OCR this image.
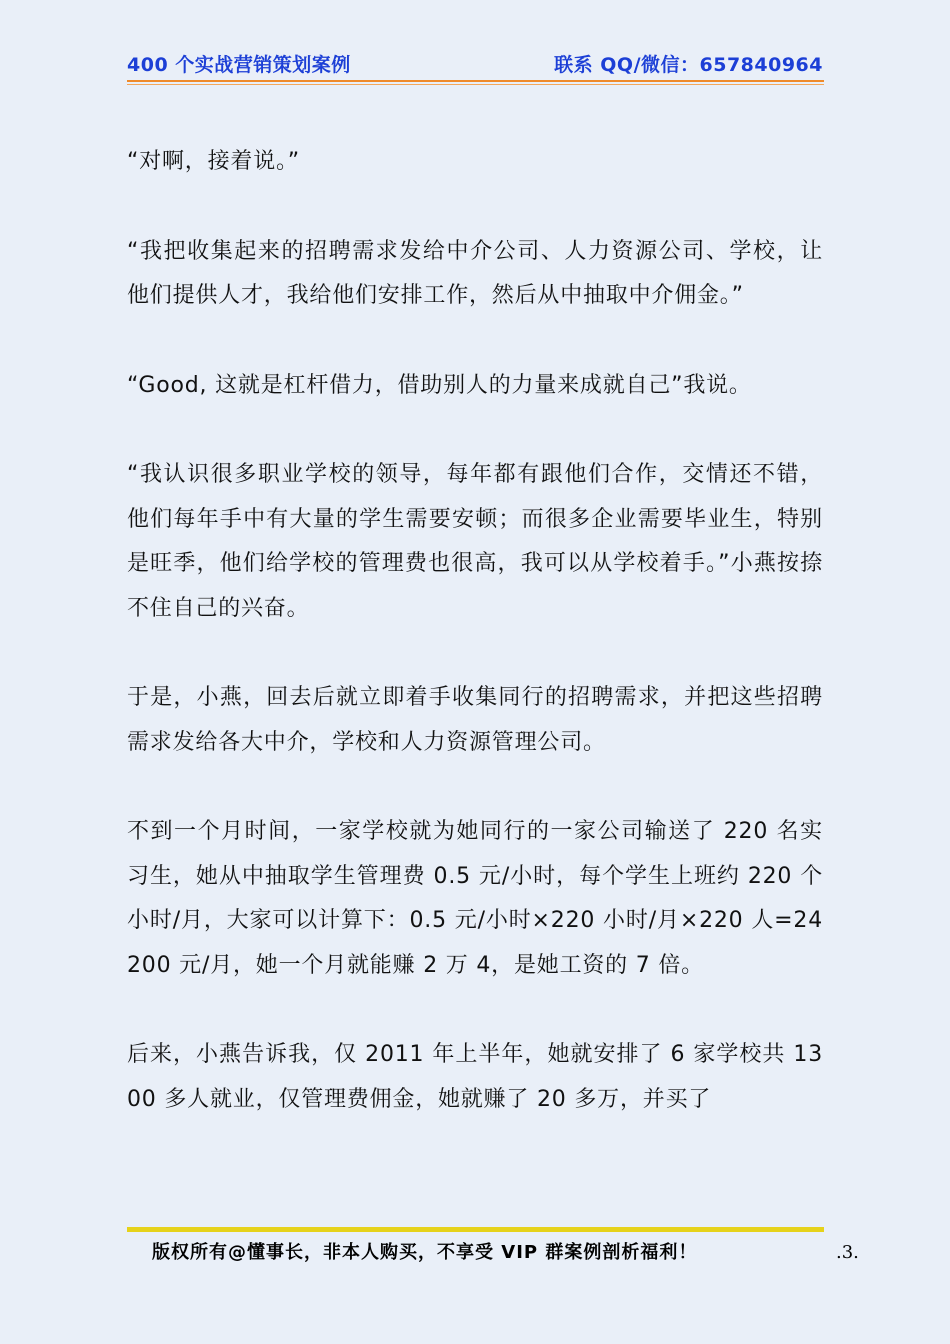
400 个实战营销策划案例	联系 QQ/微信：657840964

“对啊，接着说。”

“我把收集起来的招聘需求发给中介公司、人力资源公司、学校，让他们提供人才，我给他们安排工作，然后从中抽取中介佣金。”

“Good, 这就是杠杆借力，借助别人的力量来成就自己”我说。

“我认识很多职业学校的领导，每年都有跟他们合作，交情还不错，他们每年手中有大量的学生需要安顿；而很多企业需要毕业生，特别是旺季，他们给学校的管理费也很高，我可以从学校着手。”小燕按捺不住自己的兴奋。

于是，小燕，回去后就立即着手收集同行的招聘需求，并把这些招聘需求发给各大中介，学校和人力资源管理公司。

不到一个月时间，一家学校就为她同行的一家公司输送了 220 名实习生，她从中抽取学生管理费 0.5 元/小时，每个学生上班约 220 个小时/月，大家可以计算下：0.5 元/小时×220 小时/月×220 人=24200 元/月，她一个月就能赚 2 万 4，是她工资的 7 倍。

后来，小燕告诉我，仅 2011 年上半年，她就安排了 6 家学校共 1300 多人就业，仅管理费佣金，她就赚了 20 多万，并买了

版权所有@懂事长，非本人购买，不享受 VIP 群案例剖析福利！	.3.
